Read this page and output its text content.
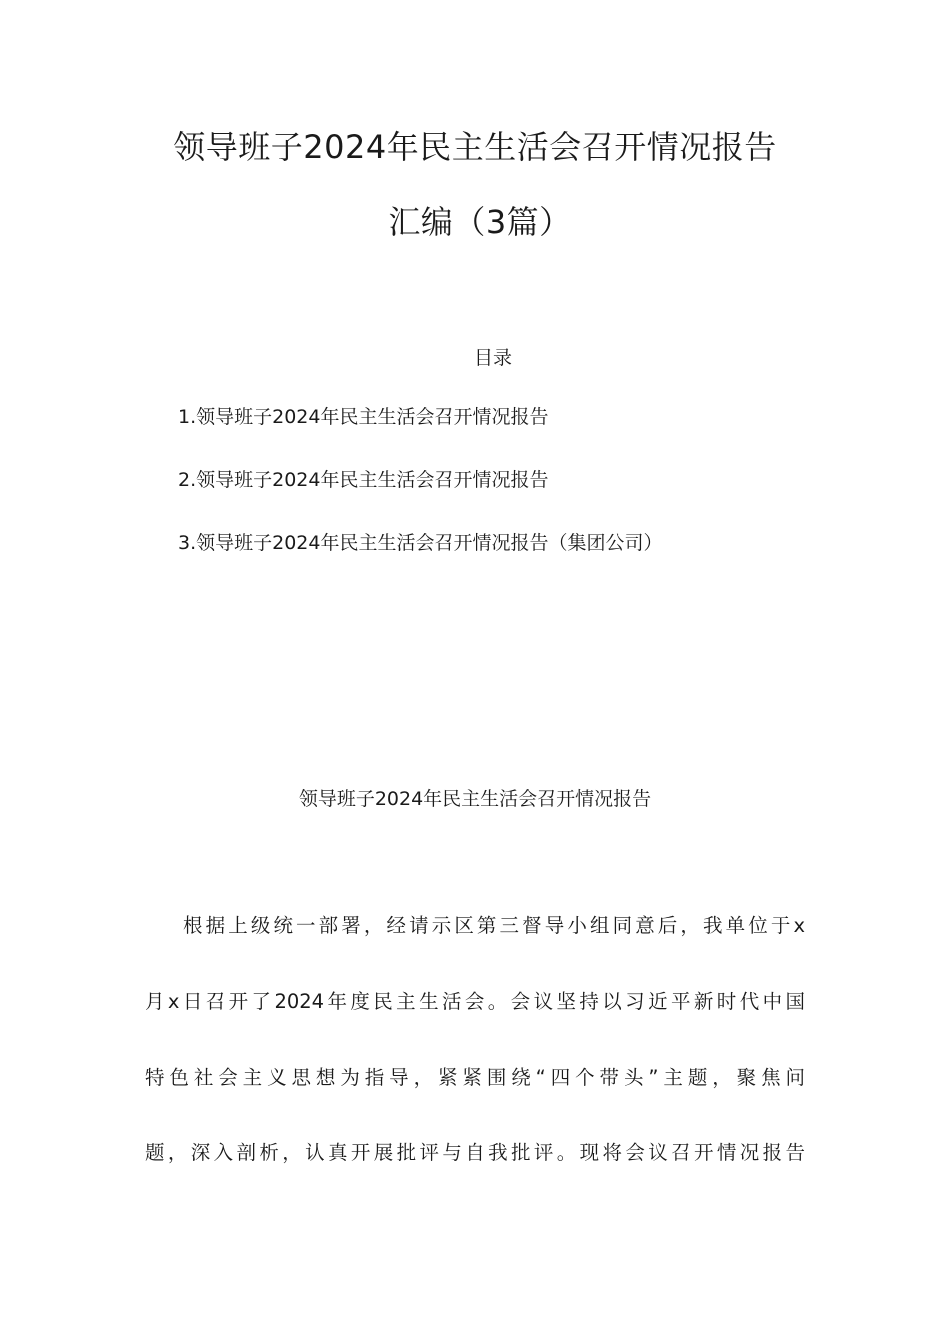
领导班子2024年民主生活会召开情况报告
汇编（3篇）
目录
1.领导班子2024年民主生活会召开情况报告
2.领导班子2024年民主生活会召开情况报告
3.领导班子2024年民主生活会召开情况报告（集团公司）
领导班子2024年民主生活会召开情况报告
根据上级统一部署，经请示区第三督导小组同意后，我单位于x
月x日召开了2024年度民主生活会。会议坚持以习近平新时代中国
特色社会主义思想为指导，紧紧围绕“四个带头”主题，聚焦问
题，深入剖析，认真开展批评与自我批评。现将会议召开情况报告
